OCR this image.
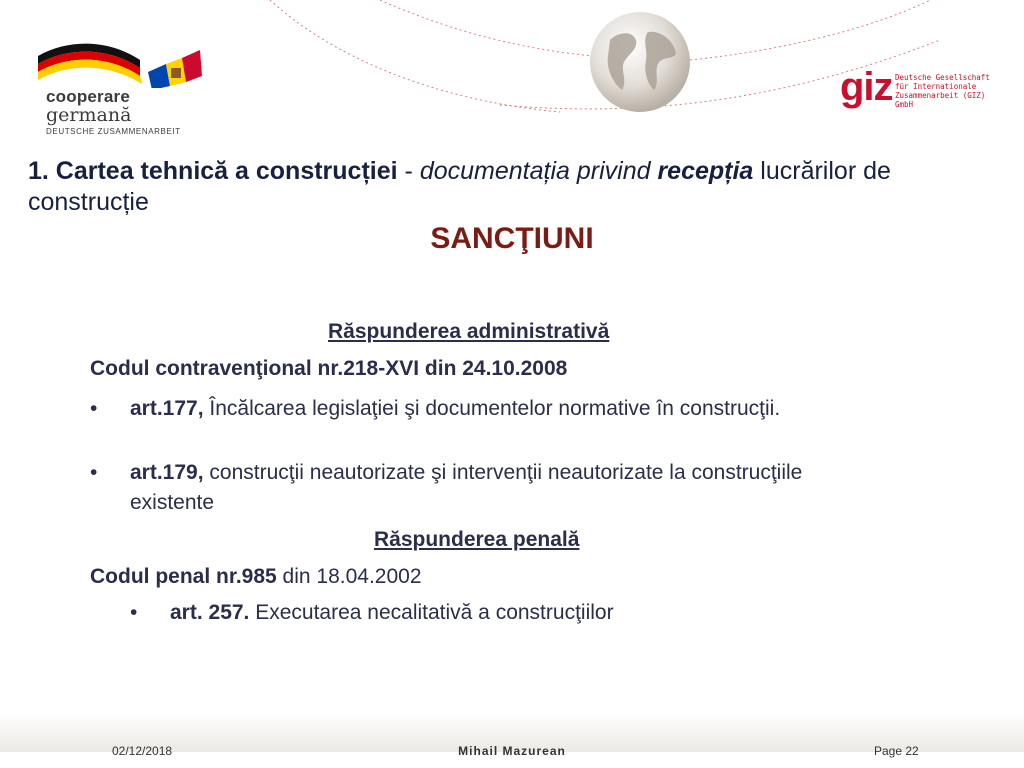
cooperare
germană
DEUTSCHE ZUSAMMENARBEIT
giz Deutsche Gesellschaft
für Internationale
Zusammenarbeit (GIZ) GmbH
1. Cartea tehnică a construcției - documentația privind recepția lucrărilor de construcție
SANCŢIUNI
Răspunderea administrativă
Codul contravenţional nr.218-XVI din 24.10.2008
• art.177, Încălcarea legislaţiei şi documentelor normative în construcţii.
• art.179, construcţii neautorizate şi intervenţii neautorizate la construcţiile existente
Răspunderea penală
Codul penal nr.985 din 18.04.2002
• art. 257. Executarea necalitativă a construcţiilor
02/12/2018	Mihail Mazurean	Page 22
